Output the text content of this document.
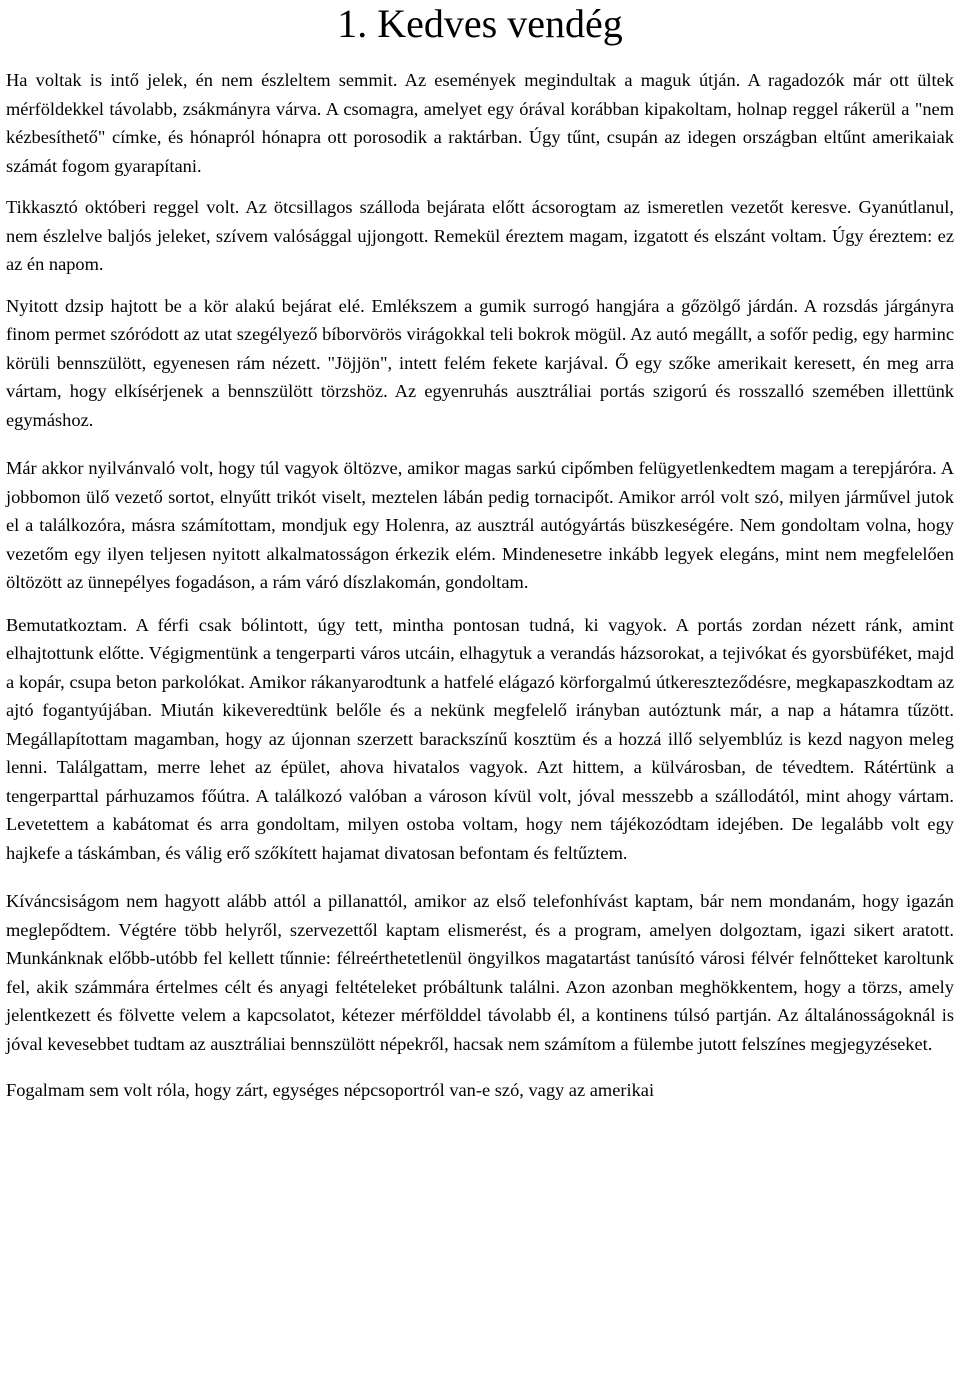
1. Kedves vendég

Ha voltak is intő jelek, én nem észleltem semmit. Az események megindultak a maguk útján. A ragadozók már ott ültek mérföldekkel távolabb, zsákmányra várva. A csomagra, amelyet egy órával korábban kipakoltam, holnap reggel rákerül a "nem kézbesíthető" címke, és hónapról hónapra ott porosodik a raktárban. Úgy tűnt, csupán az idegen országban eltűnt amerikaiak számát fogom gyarapítani.

Tikkasztó októberi reggel volt. Az ötcsillagos szálloda bejárata előtt ácsorogtam az ismeretlen vezetőt keresve. Gyanútlanul, nem észlelve baljós jeleket, szívem valósággal ujjongott. Remekül éreztem magam, izgatott és elszánt voltam. Úgy éreztem: ez az én napom.

Nyitott dzsip hajtott be a kör alakú bejárat elé. Emlékszem a gumik surrogó hangjára a gőzölgő járdán. A rozsdás járgányra finom permet szóródott az utat szegélyező bíborvörös virágokkal teli bokrok mögül. Az autó megállt, a sofőr pedig, egy harminc körüli bennszülött, egyenesen rám nézett. "Jöjjön", intett felém fekete karjával. Ő egy szőke amerikait keresett, én meg arra vártam, hogy elkísérjenek a bennszülött törzshöz. Az egyenruhás ausztráliai portás szigorú és rosszalló szemében illettünk egymáshoz.

Már akkor nyilvánvaló volt, hogy túl vagyok öltözve, amikor magas sarkú cipőmben felügyetlenkedtem magam a terepjáróra. A jobbomon ülő vezető sortot, elnyűtt trikót viselt, meztelen lábán pedig tornacipőt. Amikor arról volt szó, milyen járművel jutok el a találkozóra, másra számítottam, mondjuk egy Holenra, az ausztrál autógyártás büszkeségére. Nem gondoltam volna, hogy vezetőm egy ilyen teljesen nyitott alkalmatosságon érkezik elém. Mindenesetre inkább legyek elegáns, mint nem megfelelően öltözött az ünnepélyes fogadáson, a rám váró díszlakomán, gondoltam.

Bemutatkoztam. A férfi csak bólintott, úgy tett, mintha pontosan tudná, ki vagyok. A portás zordan nézett ránk, amint elhajtottunk előtte. Végigmentünk a tengerparti város utcáin, elhagytuk a verandás házsorokat, a tejivókat és gyorsbüféket, majd a kopár, csupa beton parkolókat. Amikor rákanyarodtunk a hatfelé elágazó körforgalmú útkereszteződésre, megkapaszkodtam az ajtó fogantyújában. Miután kikeveredtünk belőle és a nekünk megfelelő irányban autóztunk már, a nap a hátamra tűzött. Megállapítottam magamban, hogy az újonnan szerzett barackszínű kosztüm és a hozzá illő selyemblúz is kezd nagyon meleg lenni. Találgattam, merre lehet az épület, ahova hivatalos vagyok. Azt hittem, a külvárosban, de tévedtem. Rátértünk a tengerparttal párhuzamos főútra. A találkozó valóban a városon kívül volt, jóval messzebb a szállodától, mint ahogy vártam. Levetettem a kabátomat és arra gondoltam, milyen ostoba voltam, hogy nem tájékozódtam idejében. De legalább volt egy hajkefe a táskámban, és válig erő szőkített hajamat divatosan befontam és feltűztem.

Kíváncsiságom nem hagyott alább attól a pillanattól, amikor az első telefonhívást kaptam, bár nem mondanám, hogy igazán meglepődtem. Végtére több helyről, szervezettől kaptam elismerést, és a program, amelyen dolgoztam, igazi sikert aratott. Munkánknak előbb-utóbb fel kellett tűnnie: félreérthetetlenül öngyilkos magatartást tanúsító városi félvér felnőtteket karoltunk fel, akik számmára értelmes célt és anyagi feltételeket próbáltunk találni. Azon azonban meghökkentem, hogy a törzs, amely jelentkezett és fölvette velem a kapcsolatot, kétezer mérfölddel távolabb él, a kontinens túlsó partján. Az általánosságoknál is jóval kevesebbet tudtam az ausztráliai bennszülött népekről, hacsak nem számítom a fülembe jutott felszínes megjegyzéseket.

Fogalmam sem volt róla, hogy zárt, egységes népcsoportról van-e szó, vagy az amerikai
